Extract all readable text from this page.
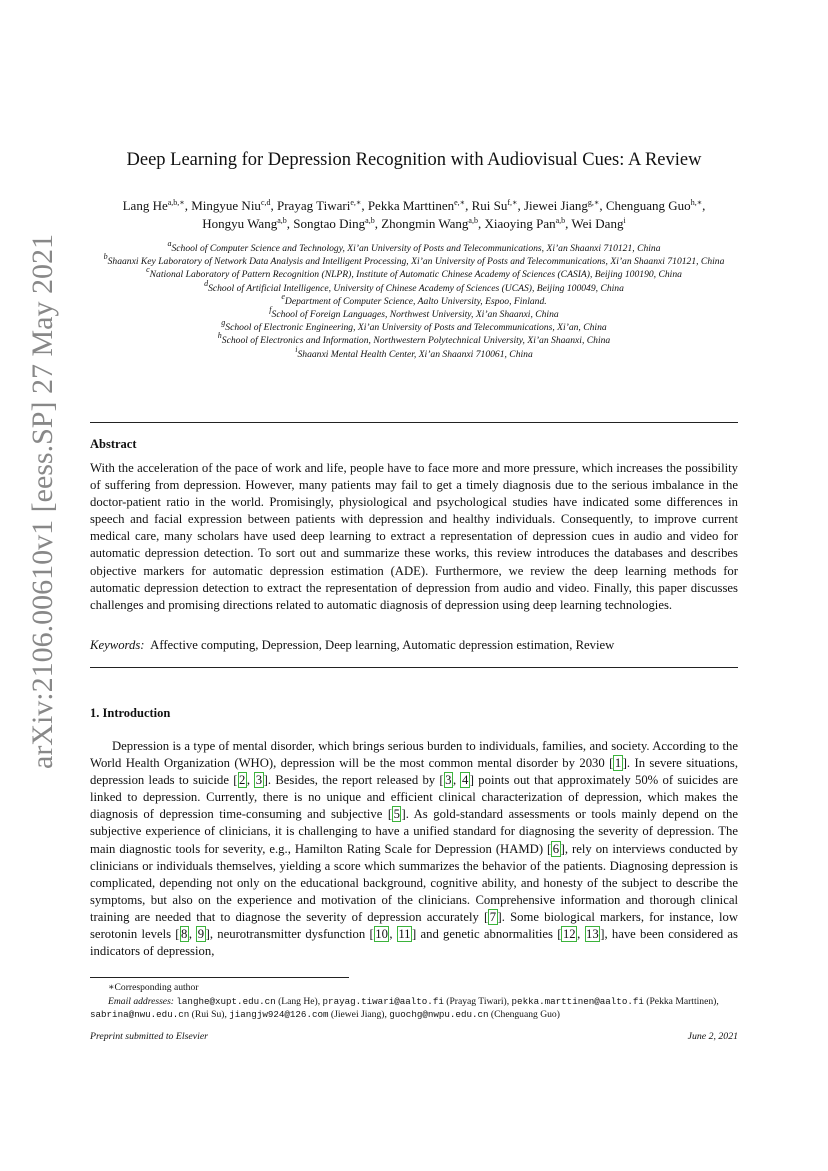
arXiv:2106.00610v1 [eess.SP] 27 May 2021
Deep Learning for Depression Recognition with Audiovisual Cues: A Review
Lang $He^{a,b,∗}$, Mingyue Niu$^{c,d}$, Prayag Tiwari$^{e,∗}$, Pekka Marttinen$^{e,∗}$, Rui $Su^{f,∗}$, Jiewei Jiang$^{g,∗}$, Chenguang Guo$^{h,∗}$,
Hongyu Wang$^{a,b}$, Songtao Ding$^{a,b}$, Zhongmin Wang$^{a,b}$, Xiaoying Pan$^{a,b}$, Wei Dang$^i$
$^a$School of Computer Science and Technology, Xi’an University of Posts and Telecommunications, Xi’an Shaanxi 710121, China
$^b$Shaanxi Key Laboratory of Network Data Analysis and Intelligent Processing, Xi’an University of Posts and Telecommunications, Xi’an Shaanxi 710121, China
$^c$National Laboratory of Pattern Recognition (NLPR), Institute of Automatic Chinese Academy of Sciences (CASIA), Beijing 100190, China
$^d$School of Artificial Intelligence, University of Chinese Academy of Sciences (UCAS), Beijing 100049, China
$^e$Department of Computer Science, Aalto University, Espoo, Finland.
$^f$School of Foreign Languages, Northwest University, Xi’an Shaanxi, China
$^g$School of Electronic Engineering, Xi’an University of Posts and Telecommunications, Xi’an, China
$^h$School of Electronics and Information, Northwestern Polytechnical University, Xi’an Shaanxi, China
$^i$Shaanxi Mental Health Center, Xi’an Shaanxi 710061, China
Abstract

With the acceleration of the pace of work and life, people have to face more and more pressure, which increases the possibility of suffering from depression. However, many patients may fail to get a timely diagnosis due to the serious imbalance in the doctor-patient ratio in the world. Promisingly, physiological and psychological studies have indicated some differences in speech and facial expression between patients with depression and healthy individuals. Consequently, to improve current medical care, many scholars have used deep learning to extract a representation of depression cues in audio and video for automatic depression detection. To sort out and summarize these works, this review introduces the databases and describes objective markers for automatic depression estimation (ADE). Furthermore, we review the deep learning methods for automatic depression detection to extract the representation of depression from audio and video. Finally, this paper discusses challenges and promising directions related to automatic diagnosis of depression using deep learning technologies.

Keywords: Affective computing, Depression, Deep learning, Automatic depression estimation, Review
1. Introduction

Depression is a type of mental disorder, which brings serious burden to individuals, families, and society. According to the World Health Organization (WHO), depression will be the most common mental disorder by 2030 [ 1 ]. In severe situations, depression leads to suicide [ 2 , 3 ]. Besides, the report released by [ 3 , 4 ] points out that approximately 50% of suicides are linked to depression. Currently, there is no unique and efficient clinical characterization of depression, which makes the diagnosis of depression time-consuming and subjective [ 5 ]. As gold-standard assessments or tools mainly depend on the subjective experience of clinicians, it is challenging to have a unified standard for diagnosing the severity of depression. The main diagnostic tools for severity, e.g., Hamilton Rating Scale for Depression (HAMD) [ 6 ], rely on interviews conducted by clinicians or individuals themselves, yielding a score which summarizes the behavior of the patients. Diagnosing depression is complicated, depending not only on the educational background, cognitive ability, and honesty of the subject to describe the symptoms, but also on the experience and motivation of the clinicians. Comprehensive information and thorough clinical training are needed that to diagnose the severity of depression accurately [ 7 ]. Some biological markers, for instance, low serotonin levels [ 8 , 9 ], neurotransmitter dysfunction [ 10 , 11 ] and genetic abnormalities [ 12 , 13 ], have been considered as indicators of depression,

∗Corresponding author
Email addresses: langhe@xupt.edu.cn (Lang He), prayag.tiwari@aalto.fi (Prayag Tiwari), pekka.marttinen@aalto.fi (Pekka Marttinen), sabrina@nwu.edu.cn (Rui Su), jiangjw924@126.com (Jiewei Jiang), guochg@nwpu.edu.cn (Chenguang Guo)
Preprint submitted to Elsevier	June 2, 2021
